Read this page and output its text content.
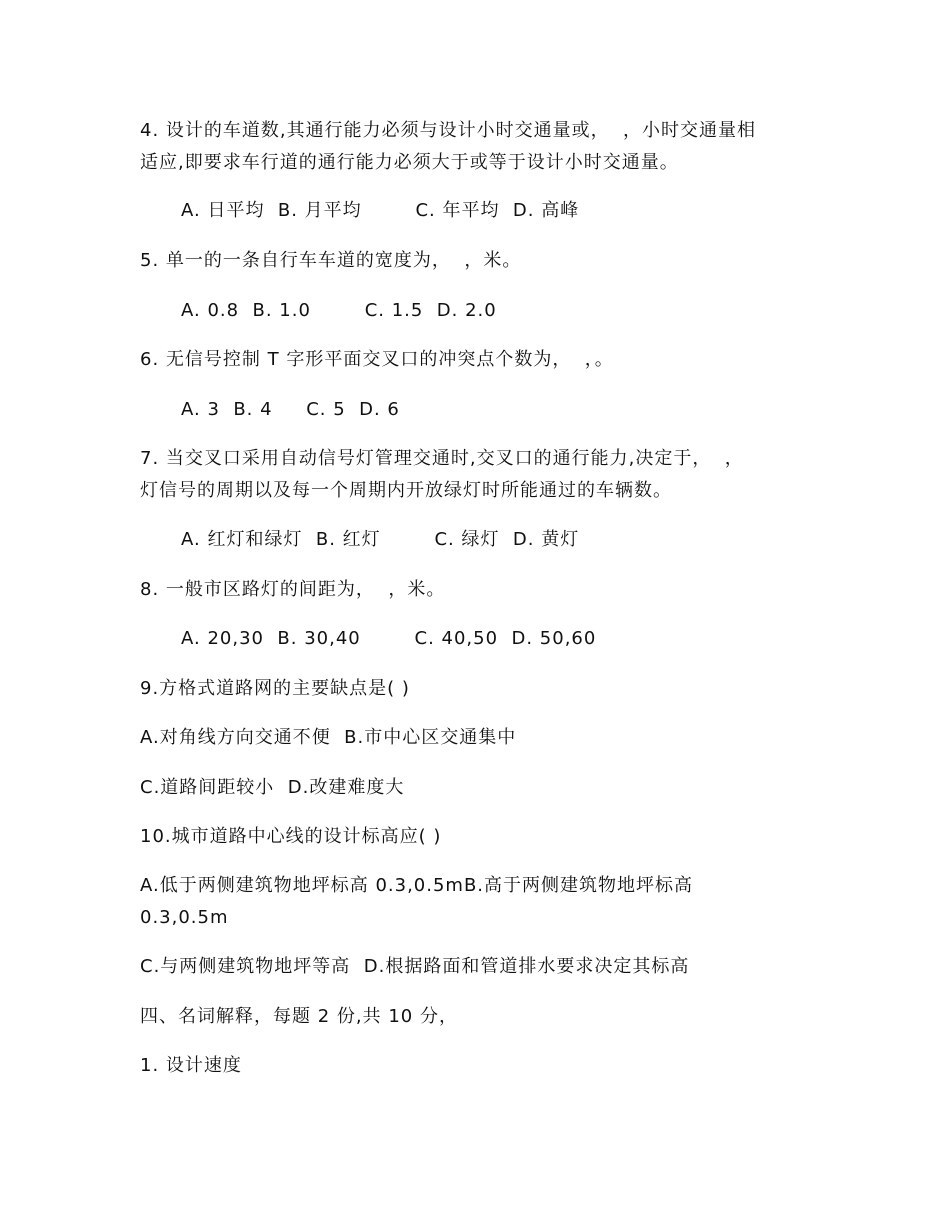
4. 设计的车道数,其通行能力必须与设计小时交通量或，  ，小时交通量相

适应,即要求车行道的通行能力必须大于或等于设计小时交通量。

A. 日平均  B. 月平均        C. 年平均  D. 高峰

5. 单一的一条自行车车道的宽度为，  ，米。

A. 0.8  B. 1.0        C. 1.5  D. 2.0

6. 无信号控制 T 字形平面交叉口的冲突点个数为，  ，。

A. 3  B. 4     C. 5  D. 6

7. 当交叉口采用自动信号灯管理交通时,交叉口的通行能力,决定于，  ，

灯信号的周期以及每一个周期内开放绿灯时所能通过的车辆数。

A. 红灯和绿灯  B. 红灯        C. 绿灯  D. 黄灯

8. 一般市区路灯的间距为，  ，米。

A. 20,30  B. 30,40        C. 40,50  D. 50,60

9.方格式道路网的主要缺点是( )

A.对角线方向交通不便  B.市中心区交通集中

C.道路间距较小  D.改建难度大

10.城市道路中心线的设计标高应( )

A.低于两侧建筑物地坪标高 0.3,0.5mB.高于两侧建筑物地坪标高

0.3,0.5m

C.与两侧建筑物地坪等高  D.根据路面和管道排水要求决定其标高

四、名词解释，每题 2 份,共 10 分，

1. 设计速度
